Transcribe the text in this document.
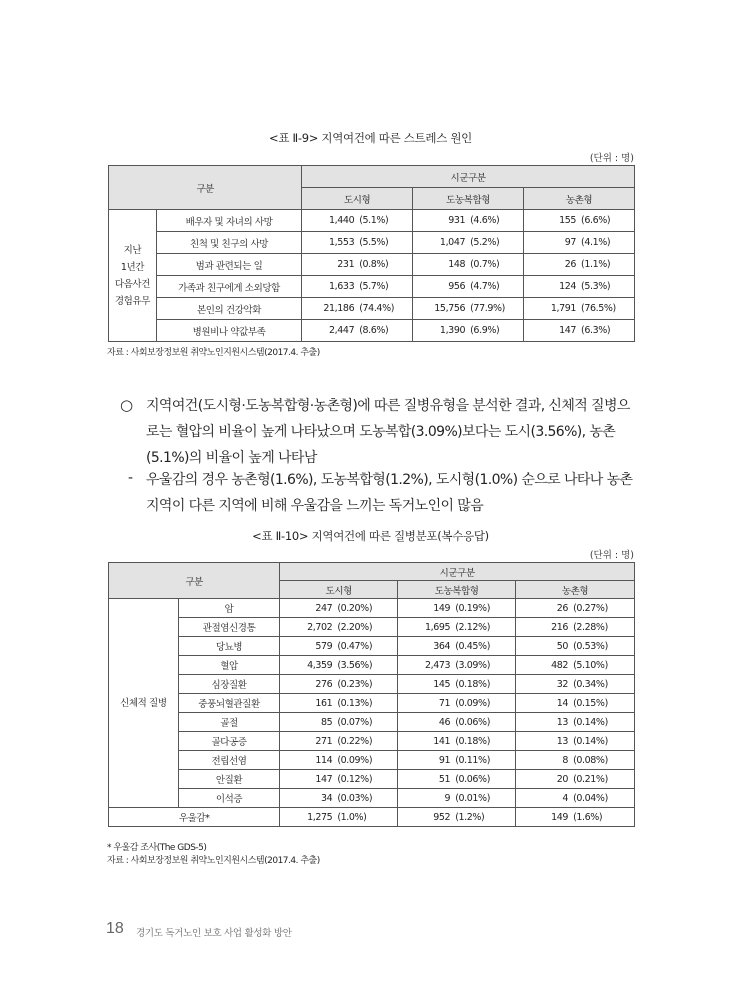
<표 Ⅱ-9> 지역여건에 따른 스트레스 원인
(단위 : 명)
구분		시군구분		
		도시형	도농복합형	농촌형
지난
1년간
다음사건
경험유무	배우자 및 자녀의 사망	1,440 (5.1%)	931 (4.6%)	155 (6.6%)
	친척 및 친구의 사망	1,553 (5.5%)	1,047 (5.2%)	97 (4.1%)
	범과 관련되는 일	231 (0.8%)	148 (0.7%)	26 (1.1%)
	가족과 친구에게 소외당함	1,633 (5.7%)	956 (4.7%)	124 (5.3%)
	본인의 건강악화	21,186 (74.4%)	15,756 (77.9%)	1,791 (76.5%)
	병원비나 약값부족	2,447 (8.6%)	1,390 (6.9%)	147 (6.3%)
자료 : 사회보장정보원 취약노인지원시스템(2017.4. 추출)
○ 지역여건(도시형·도농복합형·농촌형)에 따른 질병유형을 분석한 결과, 신체적 질병으로는 혈압의 비율이 높게 나타났으며 도농복합(3.09%)보다는 도시(3.56%), 농촌(5.1%)의 비율이 높게 나타남
- 우울감의 경우 농촌형(1.6%), 도농복합형(1.2%), 도시형(1.0%) 순으로 나타나 농촌지역이 다른 지역에 비해 우울감을 느끼는 독거노인이 많음
<표 Ⅱ-10> 지역여건에 따른 질병분포(복수응답)
(단위 : 명)
구분		시군구분		
		도시형	도농복합형	농촌형
신체적 질병	암	247 (0.20%)	149 (0.19%)	26 (0.27%)
	관절염신경통	2,702 (2.20%)	1,695 (2.12%)	216 (2.28%)
	당뇨병	579 (0.47%)	364 (0.45%)	50 (0.53%)
	혈압	4,359 (3.56%)	2,473 (3.09%)	482 (5.10%)
	심장질환	276 (0.23%)	145 (0.18%)	32 (0.34%)
	중풍뇌혈관질환	161 (0.13%)	71 (0.09%)	14 (0.15%)
	골절	85 (0.07%)	46 (0.06%)	13 (0.14%)
	골다공증	271 (0.22%)	141 (0.18%)	13 (0.14%)
	전립선염	114 (0.09%)	91 (0.11%)	8 (0.08%)
	안질환	147 (0.12%)	51 (0.06%)	20 (0.21%)
	이석증	34 (0.03%)	9 (0.01%)	4 (0.04%)
우울감*		1,275 (1.0%)	952 (1.2%)	149 (1.6%)
* 우울감 조사(The GDS-5)
자료 : 사회보장정보원 취약노인지원시스템(2017.4. 추출)
18 경기도 독거노인 보호 사업 활성화 방안
